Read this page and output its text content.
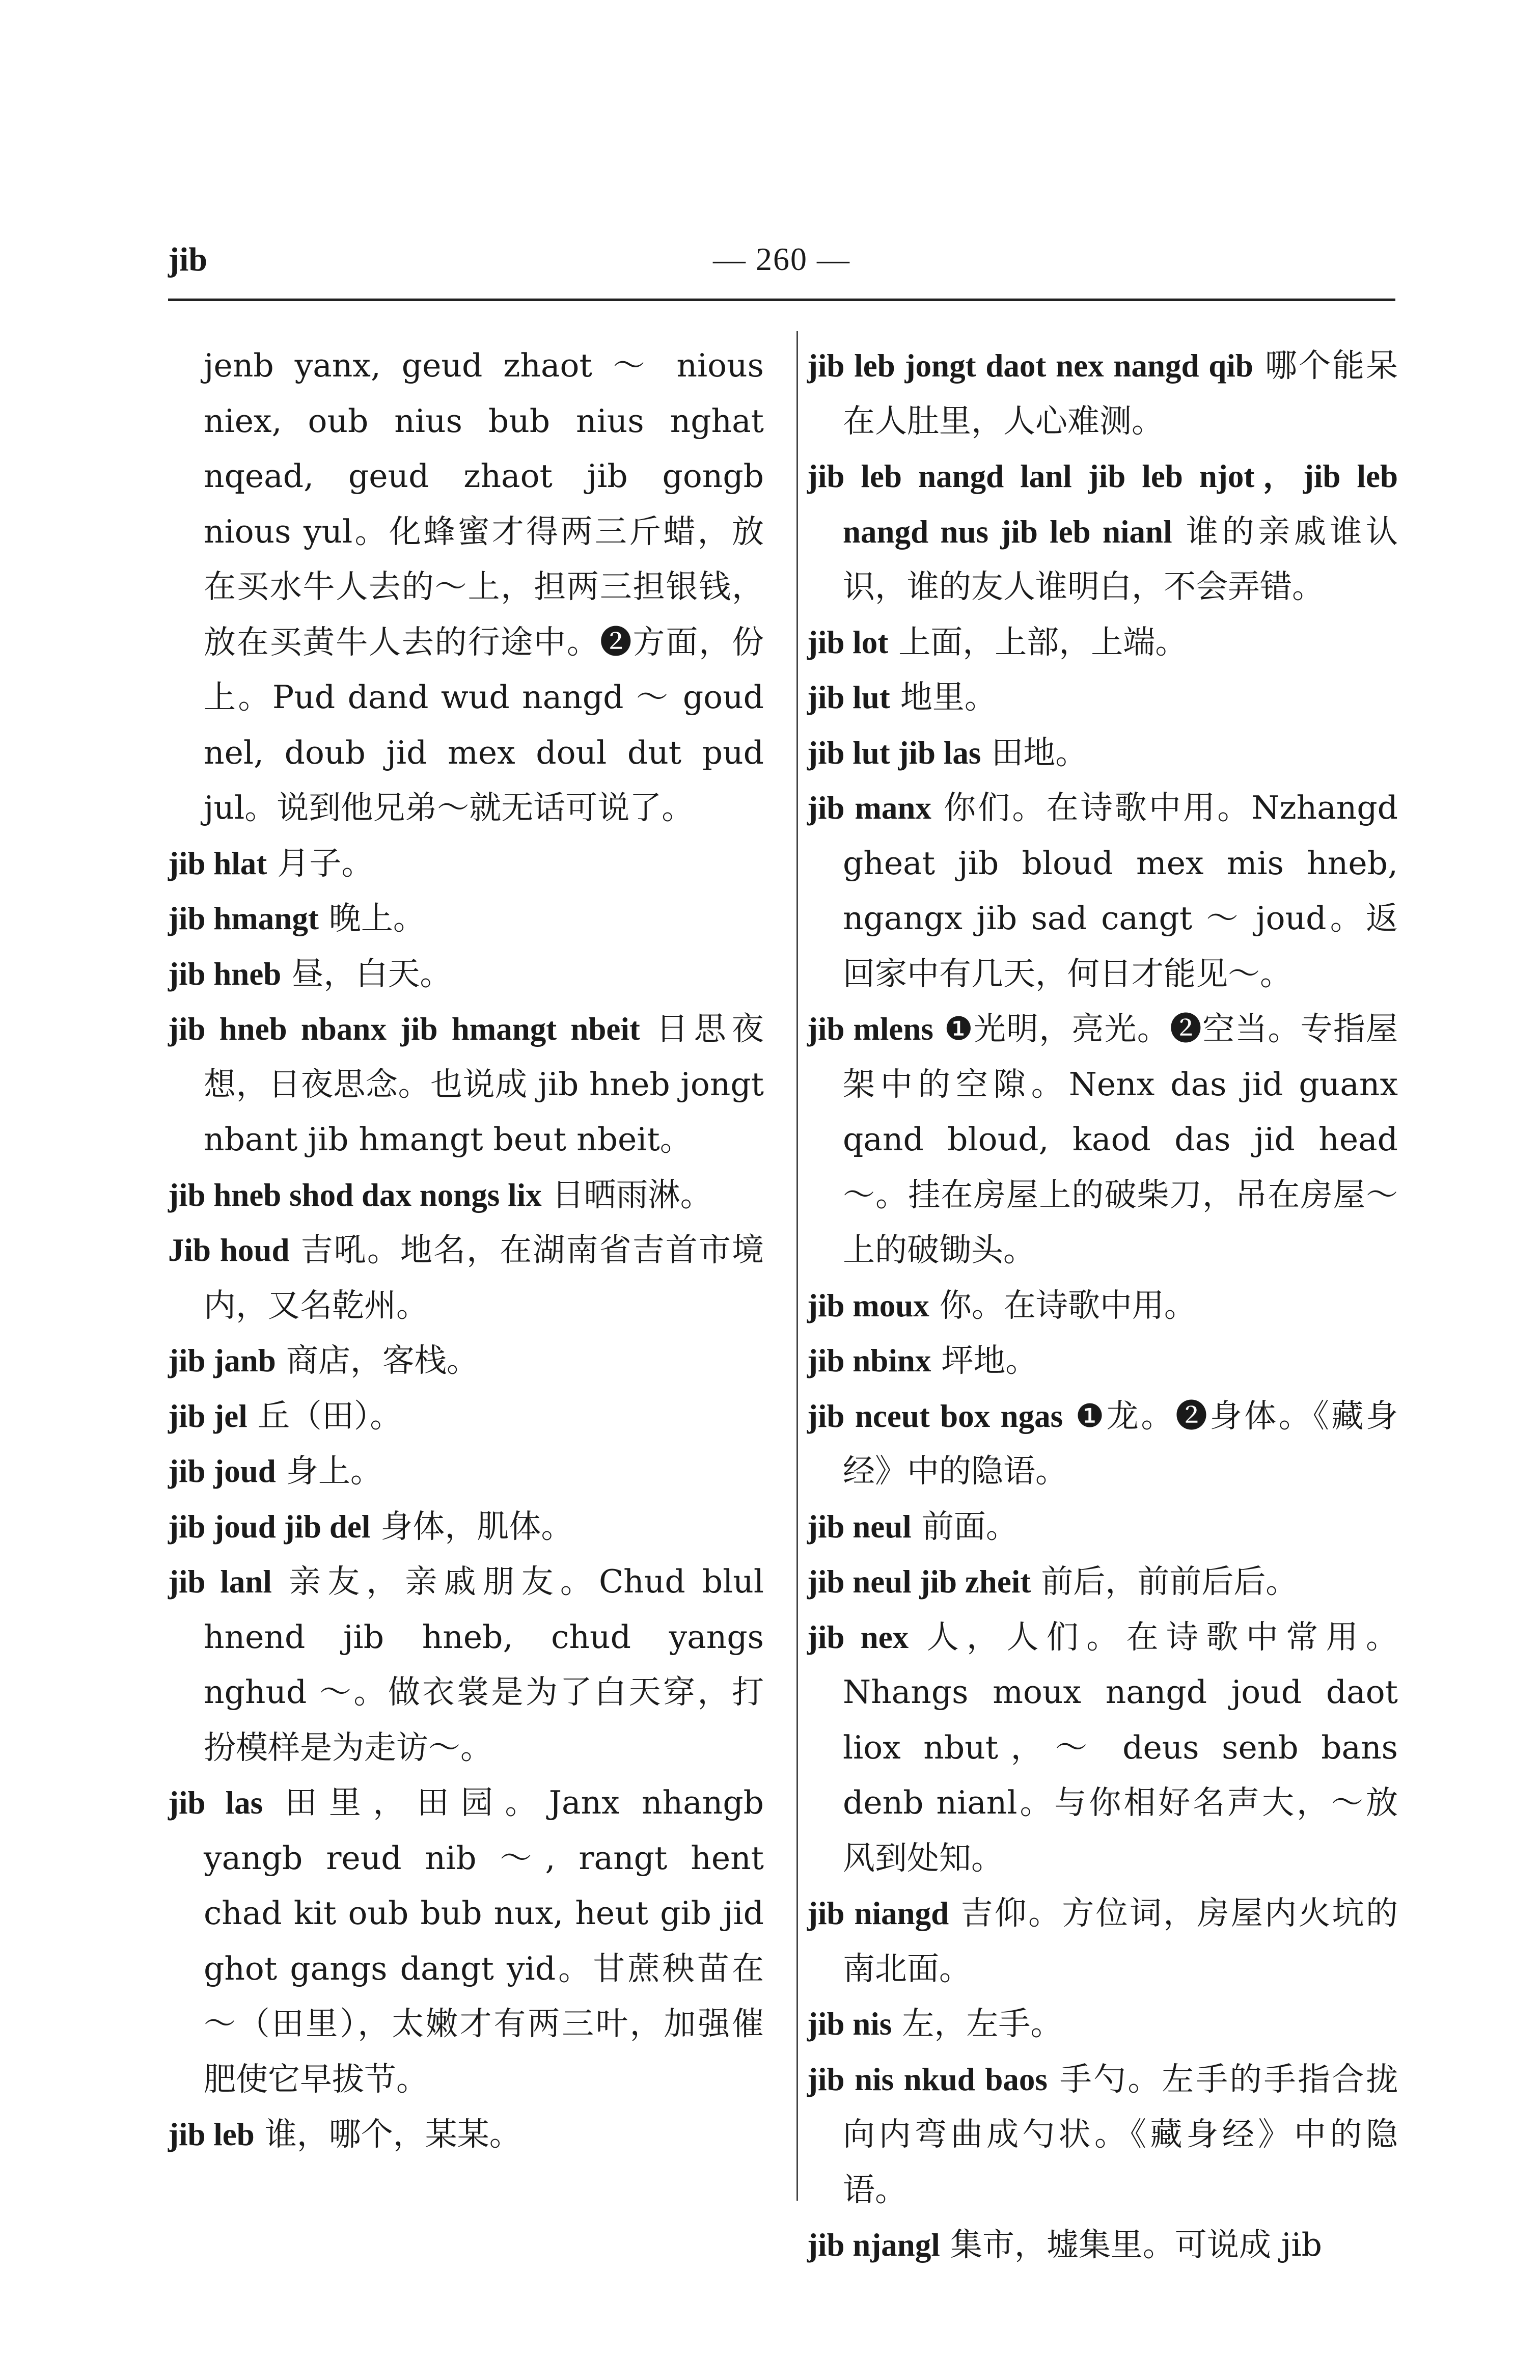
jib	— 260 —
jenb yanx, geud zhaot ～ nious niex, oub nius bub nius nghat nqead, geud zhaot jib gongb nious yul。化蜂蜜才得两三斤蜡，放在买水牛人去的～上，担两三担银钱，放在买黄牛人去的行途中。❷方面，份上。Pud dand wud nangd ～ goud nel, doub jid mex doul dut pud jul。说到他兄弟～就无话可说了。
jib hlat 月子。
jib hmangt 晚上。
jib hneb 昼，白天。
jib hneb nbanx jib hmangt nbeit 日思夜想，日夜思念。也说成 jib hneb jongt nbant jib hmangt beut nbeit。
jib hneb shod dax nongs lix 日晒雨淋。
Jib houd 吉吼。地名，在湖南省吉首市境内，又名乾州。
jib janb 商店，客栈。
jib jel 丘（田）。
jib joud 身上。
jib joud jib del 身体，肌体。
jib lanl 亲友，亲戚朋友。Chud blul hnend jib hneb, chud yangs nghud ～。做衣裳是为了白天穿，打扮模样是为走访～。
jib las 田里，田园。Janx nhangb yangb reud nib ～, rangt hent chad kit oub bub nux, heut gib jid ghot gangs dangt yid。甘蔗秧苗在～（田里），太嫩才有两三叶，加强催肥使它早拔节。
jib leb 谁，哪个，某某。
jib leb jongt daot nex nangd qib 哪个能呆在人肚里，人心难测。
jib leb nangd lanl jib leb njot，jib leb nangd nus jib leb nianl 谁的亲戚谁认识，谁的友人谁明白，不会弄错。
jib lot 上面，上部，上端。
jib lut 地里。
jib lut jib las 田地。
jib manx 你们。在诗歌中用。Nzhangd gheat jib bloud mex mis hneb, ngangx jib sad cangt ～ joud。返回家中有几天，何日才能见～。
jib mlens ❶光明，亮光。❷空当。专指屋架中的空隙。Nenx das jid guanx qand bloud, kaod das jid head ～。挂在房屋上的破柴刀，吊在房屋～上的破锄头。
jib moux 你。在诗歌中用。
jib nbinx 坪地。
jib nceut box ngas ❶龙。❷身体。《藏身经》中的隐语。
jib neul 前面。
jib neul jib zheit 前后，前前后后。
jib nex 人，人们。在诗歌中常用。Nhangs moux nangd joud daot liox nbut，～ deus senb bans denb nianl。与你相好名声大，～放风到处知。
jib niangd 吉仰。方位词，房屋内火坑的南北面。
jib nis 左，左手。
jib nis nkud baos 手勺。左手的手指合拢向内弯曲成勺状。《藏身经》中的隐语。
jib njangl 集市，墟集里。可说成 jib
